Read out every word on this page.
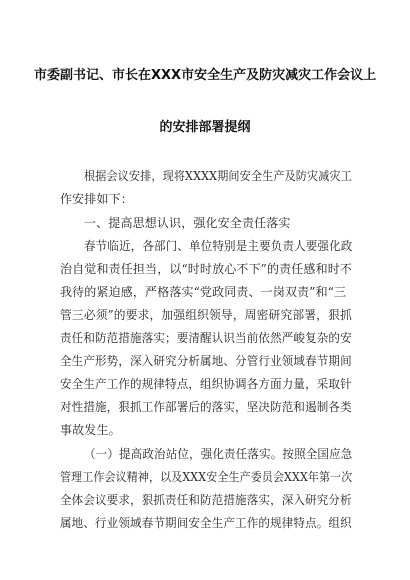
市委副书记、市长在XXX市安全生产及防灾减灾工作会议上
的安排部署提纲
根据会议安排，现将XXXX期间安全生产及防灾减灾工
作安排如下：
一、提高思想认识，强化安全责任落实
春节临近，各部门、单位特别是主要负责人要强化政
治自觉和责任担当，以“时时放心不下”的责任感和时不
我待的紧迫感，严格落实“党政同责、一岗双责”和“三
管三必须”的要求，加强组织领导，周密研究部署，狠抓
责任和防范措施落实；要清醒认识当前依然严峻复杂的安
全生产形势，深入研究分析属地、分管行业领域春节期间
安全生产工作的规律特点，组织协调各方面力量，采取针
对性措施，狠抓工作部署后的落实，坚决防范和遏制各类
事故发生。
（一）提高政治站位，强化责任落实。按照全国应急
管理工作会议精神，以及XXX安全生产委员会XXX年第一次
全体会议要求，狠抓责任和防范措施落实，深入研究分析
属地、行业领域春节期间安全生产工作的规律特点。组织
